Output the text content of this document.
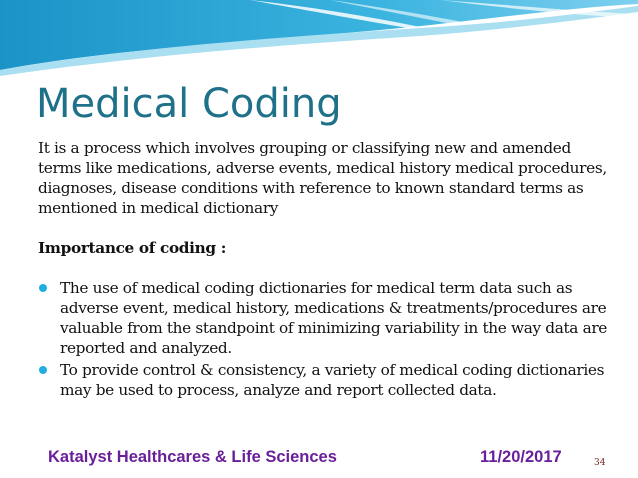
Medical Coding

It is a process which involves grouping or classifying new and amended terms like medications, adverse events, medical history medical procedures, diagnoses, disease conditions with reference to known standard terms as mentioned in medical dictionary

Importance of coding :

The use of medical coding dictionaries for medical term data such as adverse event, medical history, medications & treatments/procedures are valuable from the standpoint of minimizing variability in the way data are reported and analyzed.
To provide control & consistency, a variety of medical coding dictionaries may be used to process, analyze and report collected data.
Katalyst Healthcares & Life Sciences	11/20/2017	34
